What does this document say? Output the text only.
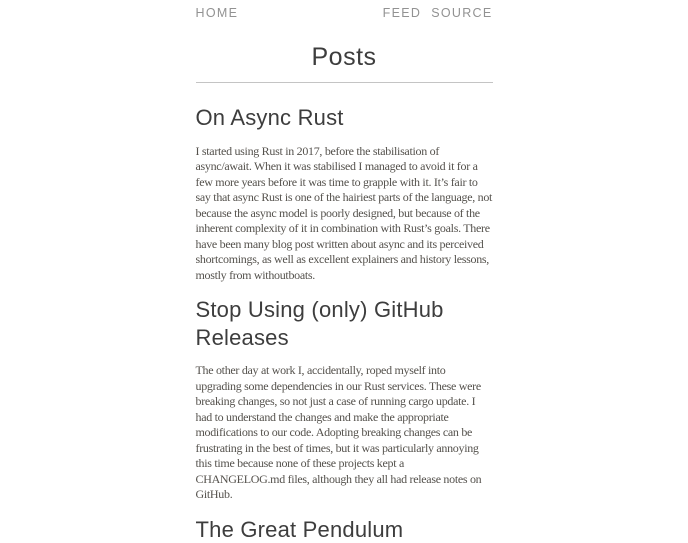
HOME	FEED SOURCE
Posts
On Async Rust

I started using Rust in 2017, before the stabilisation of async/await. When it was stabilised I managed to avoid it for a few more years before it was time to grapple with it. It’s fair to say that async Rust is one of the hairiest parts of the language, not because the async model is poorly designed, but because of the inherent complexity of it in combination with Rust’s goals. There have been many blog post written about async and its perceived shortcomings, as well as excellent explainers and history lessons, mostly from withoutboats.

Stop Using (only) GitHub Releases

The other day at work I, accidentally, roped myself into upgrading some dependencies in our Rust services. These were breaking changes, so not just a case of running cargo update. I had to understand the changes and make the appropriate modifications to our code. Adopting breaking changes can be frustrating in the best of times, but it was particularly annoying this time because none of these projects kept a CHANGELOG.md files, although they all had release notes on GitHub.

The Great Pendulum
